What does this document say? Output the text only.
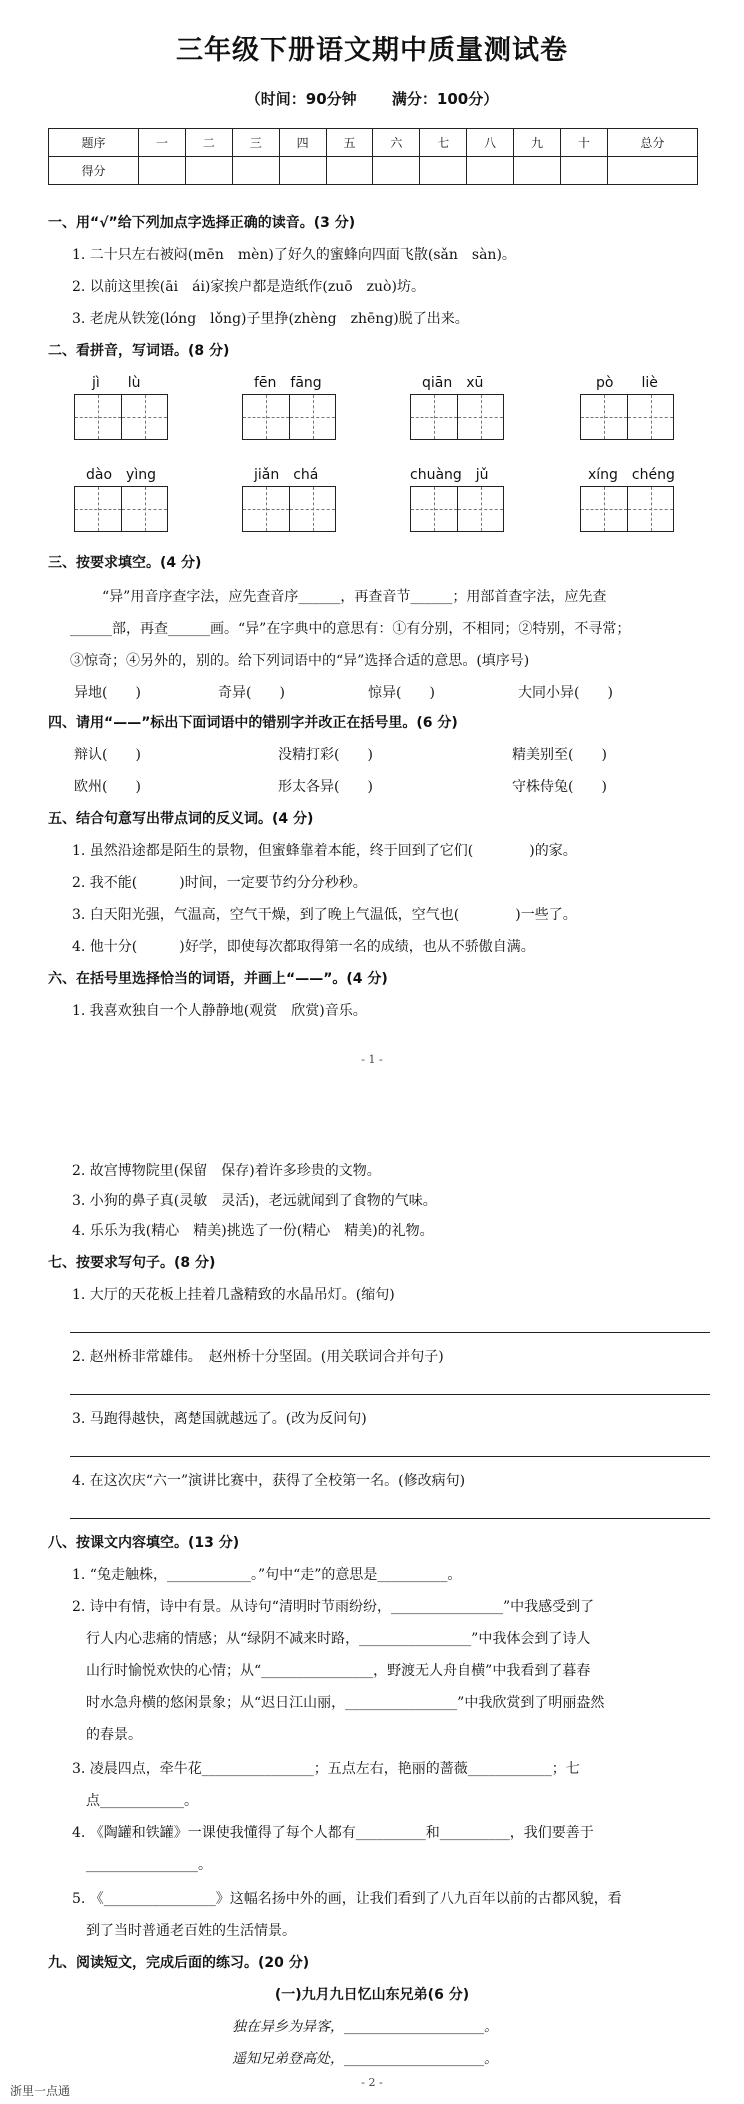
三年级下册语文期中质量测试卷
（时间：90分钟 满分：100分）
题序	一	二	三	四	五	六	七	八	九	十	总分
得分											
一、用“√”给下列加点字选择正确的读音。(3 分)
1. 二十只左右被闷(mēn　mèn)了好久的蜜蜂向四面飞散(sǎn　sàn)。
2. 以前这里挨(āi　ái)家挨户都是造纸作(zuō　zuò)坊。
3. 老虎从铁笼(lóng　lǒng)子里挣(zhèng　zhēng)脱了出来。
二、看拼音，写词语。(8 分)
jì　　lù	fēn　fāng	qiān　xū	pò　　liè
dào　yìng	jiǎn　chá	chuàng　jǔ	xíng　chéng
三、按要求填空。(4 分)
“异”用音序查字法，应先查音序______，再查音节______；用部首查字法，应先查
______部，再查______画。“异”在字典中的意思有：①有分别，不相同；②特别，不寻常；
③惊奇；④另外的，别的。给下列词语中的“异”选择合适的意思。(填序号)
异地(　　)	奇异(　　)	惊异(　　)	大同小异(　　)
四、请用“——”标出下面词语中的错别字并改正在括号里。(6 分)
辩认(　　)	没精打彩(　　)	精美别至(　　)
欧州(　　)	形太各异(　　)	守株侍兔(　　)
五、结合句意写出带点词的反义词。(4 分)
1. 虽然沿途都是陌生的景物，但蜜蜂靠着本能，终于回到了它们(　　　　)的家。
2. 我不能(　　　)时间，一定要节约分分秒秒。
3. 白天阳光强，气温高，空气干燥，到了晚上气温低，空气也(　　　　)一些了。
4. 他十分(　　　)好学，即使每次都取得第一名的成绩，也从不骄傲自满。
六、在括号里选择恰当的词语，并画上“——”。(4 分)
1. 我喜欢独自一个人静静地(观赏　欣赏)音乐。
- 1 -
2. 故宫博物院里(保留　保存)着许多珍贵的文物。
3. 小狗的鼻子真(灵敏　灵活)，老远就闻到了食物的气味。
4. 乐乐为我(精心　精美)挑选了一份(精心　精美)的礼物。
七、按要求写句子。(8 分)
1. 大厅的天花板上挂着几盏精致的水晶吊灯。(缩句)
2. 赵州桥非常雄伟。　赵州桥十分坚固。(用关联词合并句子)
3. 马跑得越快，离楚国就越远了。(改为反问句)
4. 在这次庆“六一”演讲比赛中，获得了全校第一名。(修改病句)
八、按课文内容填空。(13 分)
1. “兔走触株，____________。”句中“走”的意思是__________。
2. 诗中有情，诗中有景。从诗句“清明时节雨纷纷，________________”中我感受到了
行人内心悲痛的情感；从“绿阴不减来时路，________________”中我体会到了诗人
山行时愉悦欢快的心情；从“________________，野渡无人舟自横”中我看到了暮春
时水急舟横的悠闲景象；从“迟日江山丽，________________”中我欣赏到了明丽盎然
的春景。
3. 凌晨四点，牵牛花________________；五点左右，艳丽的蔷薇____________；七
点____________。
4. 《陶罐和铁罐》一课使我懂得了每个人都有__________和__________，我们要善于
________________。
5. 《________________》这幅名扬中外的画，让我们看到了八九百年以前的古都风貌，看
到了当时普通老百姓的生活情景。
九、阅读短文，完成后面的练习。(20 分)
(一)九月九日忆山东兄弟(6 分)
独在异乡为异客，____________________。
遥知兄弟登高处，____________________。
- 2 -
浙里一点通
